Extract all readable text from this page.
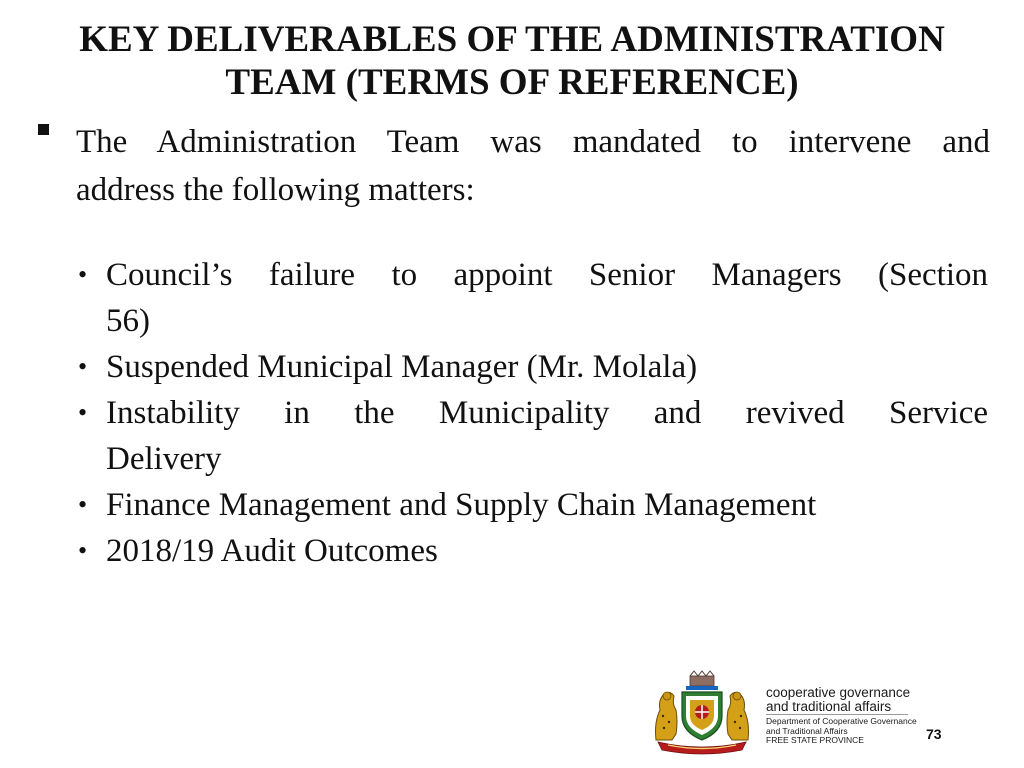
KEY DELIVERABLES OF THE ADMINISTRATION
TEAM (TERMS OF REFERENCE)
The Administration Team was mandated to intervene and
address the following matters:
• Council’s failure to appoint Senior Managers (Section
56)
• Suspended Municipal Manager (Mr. Molala)
• Instability in the Municipality and revived Service
Delivery
• Finance Management and Supply Chain Management
• 2018/19 Audit Outcomes
cooperative governance
and traditional affairs
Department of Cooperative Governance
and Traditional Affairs
FREE STATE PROVINCE	73
